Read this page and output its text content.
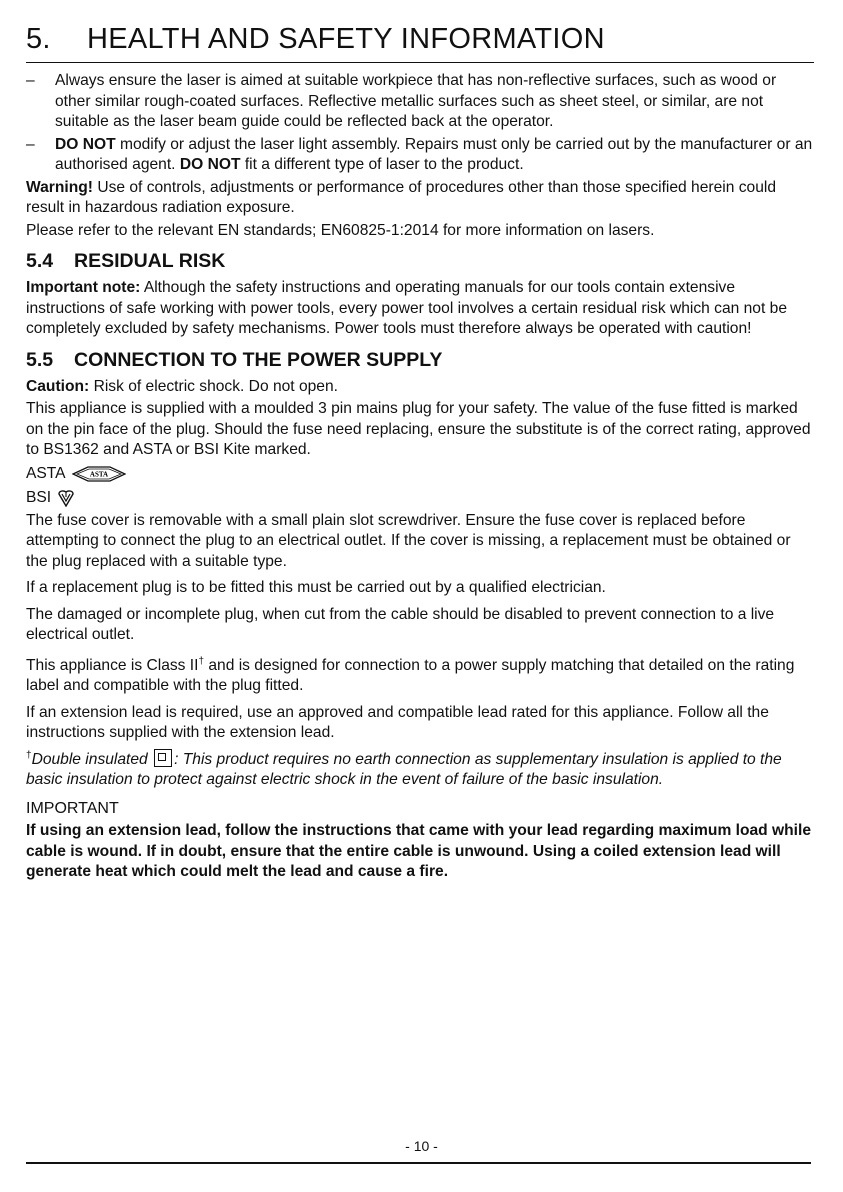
5.	HEALTH AND SAFETY INFORMATION
– Always ensure the laser is aimed at suitable workpiece that has non-reflective surfaces, such as wood or other similar rough-coated surfaces. Reflective metallic surfaces such as sheet steel, or similar, are not suitable as the laser beam guide could be reflected back at the operator.
– DO NOT modify or adjust the laser light assembly. Repairs must only be carried out by the manufacturer or an authorised agent. DO NOT fit a different type of laser to the product.

Warning! Use of controls, adjustments or performance of procedures other than those specified herein could result in hazardous radiation exposure.

Please refer to the relevant EN standards; EN60825-1:2014 for more information on lasers.

5.4	RESIDUAL RISK

Important note: Although the safety instructions and operating manuals for our tools contain extensive instructions of safe working with power tools, every power tool involves a certain residual risk which can not be completely excluded by safety mechanisms. Power tools must therefore always be operated with caution!

5.5	CONNECTION TO THE POWER SUPPLY

Caution: Risk of electric shock. Do not open.

This appliance is supplied with a moulded 3 pin mains plug for your safety. The value of the fuse fitted is marked on the pin face of the plug. Should the fuse need replacing, ensure the substitute is of the correct rating, approved to BS1362 and ASTA or BSI Kite marked.

ASTA	ASTA
BSI

The fuse cover is removable with a small plain slot screwdriver. Ensure the fuse cover is replaced before attempting to connect the plug to an electrical outlet. If the cover is missing, a replacement must be obtained or the plug replaced with a suitable type.

If a replacement plug is to be fitted this must be carried out by a qualified electrician.

The damaged or incomplete plug, when cut from the cable should be disabled to prevent connection to a live electrical outlet.

This appliance is Class II† and is designed for connection to a power supply matching that detailed on the rating label and compatible with the plug fitted.

If an extension lead is required, use an approved and compatible lead rated for this appliance. Follow all the instructions supplied with the extension lead.

†Double insulated : This product requires no earth connection as supplementary insulation is applied to the basic insulation to protect against electric shock in the event of failure of the basic insulation.

IMPORTANT

If using an extension lead, follow the instructions that came with your lead regarding maximum load while cable is wound. If in doubt, ensure that the entire cable is unwound. Using a coiled extension lead will generate heat which could melt the lead and cause a fire.

- 10 -
